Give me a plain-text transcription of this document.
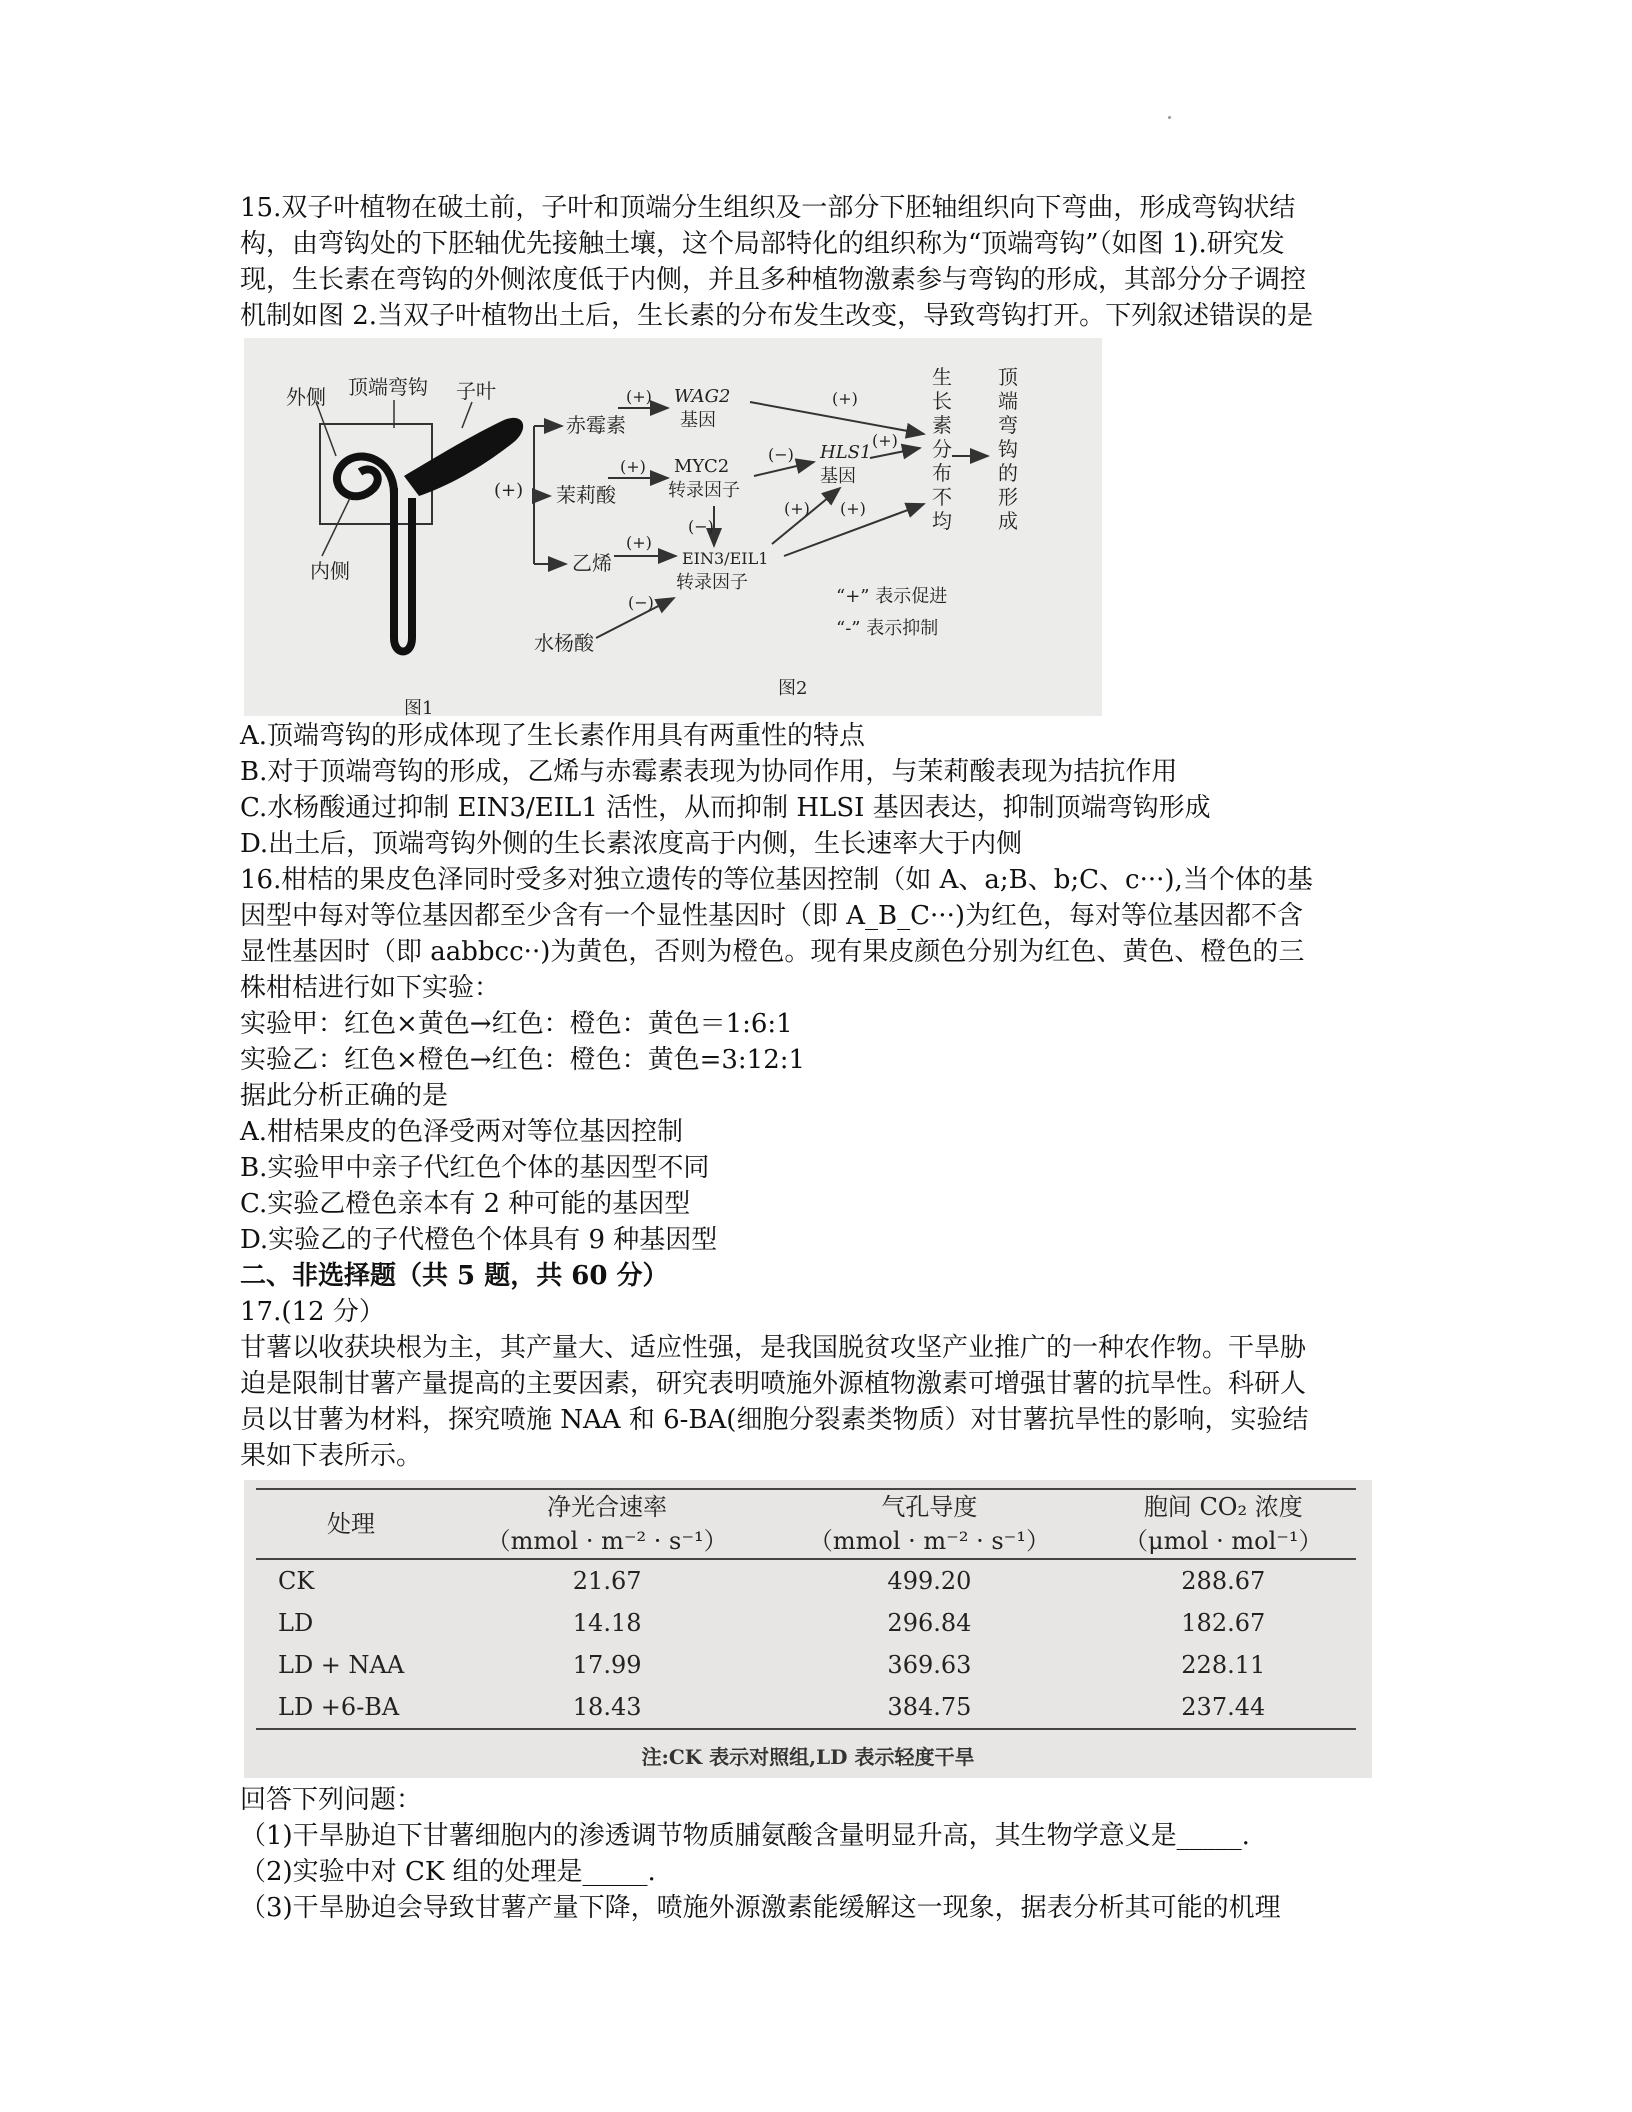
15.双子叶植物在破土前，子叶和顶端分生组织及一部分下胚轴组织向下弯曲，形成弯钩状结

构，由弯钩处的下胚轴优先接触土壤，这个局部特化的组织称为“顶端弯钩”（如图 1).研究发

现，生长素在弯钩的外侧浓度低于内侧，并且多种植物激素参与弯钩的形成，其部分分子调控

机制如图 2.当双子叶植物出土后，生长素的分布发生改变，导致弯钩打开。下列叙述错误的是

外侧 顶端弯钩 子叶
内侧
图1
(+)
赤霉素
茉莉酸
乙烯
水杨酸
WAG2
基因
MYC2
转录因子
EIN3/EIL1
转录因子
HLS1
基因
(+)	(+)
(+)
(−)
(+)
(−)
(+)
(+) (+)
(−)
生
长
素
分
布
不
均
顶
端
弯
钩
的
形
成
“+” 表示促进
“-” 表示抑制
图2

A.顶端弯钩的形成体现了生长素作用具有两重性的特点

B.对于顶端弯钩的形成，乙烯与赤霉素表现为协同作用，与茉莉酸表现为拮抗作用

C.水杨酸通过抑制 EIN3/EIL1 活性，从而抑制 HLSI 基因表达，抑制顶端弯钩形成

D.出土后，顶端弯钩外侧的生长素浓度高于内侧，生长速率大于内侧

16.柑桔的果皮色泽同时受多对独立遗传的等位基因控制（如 A、a;B、b;C、c···),当个体的基

因型中每对等位基因都至少含有一个显性基因时（即 A_B_C···)为红色，每对等位基因都不含

显性基因时（即 aabbcc··)为黄色，否则为橙色。现有果皮颜色分别为红色、黄色、橙色的三

株柑桔进行如下实验：

实验甲：红色×黄色→红色：橙色：黄色＝1:6:1

实验乙：红色×橙色→红色：橙色：黄色=3:12:1

据此分析正确的是

A.柑桔果皮的色泽受两对等位基因控制

B.实验甲中亲子代红色个体的基因型不同

C.实验乙橙色亲本有 2 种可能的基因型

D.实验乙的子代橙色个体具有 9 种基因型

二、非选择题（共 5 题，共 60 分）

17.(12 分）

甘薯以收获块根为主，其产量大、适应性强，是我国脱贫攻坚产业推广的一种农作物。干旱胁

迫是限制甘薯产量提高的主要因素，研究表明喷施外源植物激素可增强甘薯的抗旱性。科研人

员以甘薯为材料，探究喷施 NAA 和 6-BA(细胞分裂素类物质）对甘薯抗旱性的影响，实验结

果如下表所示。

处理	净光合速率	气孔导度	胞间 CO₂ 浓度
	（mmol · m⁻² · s⁻¹）	（mmol · m⁻² · s⁻¹）	（μmol · mol⁻¹）
CK	21.67	499.20	288.67
LD	14.18	296.84	182.67
LD + NAA	17.99	369.63	228.11
LD +6-BA	18.43	384.75	237.44
注:CK 表示对照组,LD 表示轻度干旱

回答下列问题：

（1)干旱胁迫下甘薯细胞内的渗透调节物质脯氨酸含量明显升高，其生物学意义是_____.

（2)实验中对 CK 组的处理是_____.

（3)干旱胁迫会导致甘薯产量下降，喷施外源激素能缓解这一现象，据表分析其可能的机理
